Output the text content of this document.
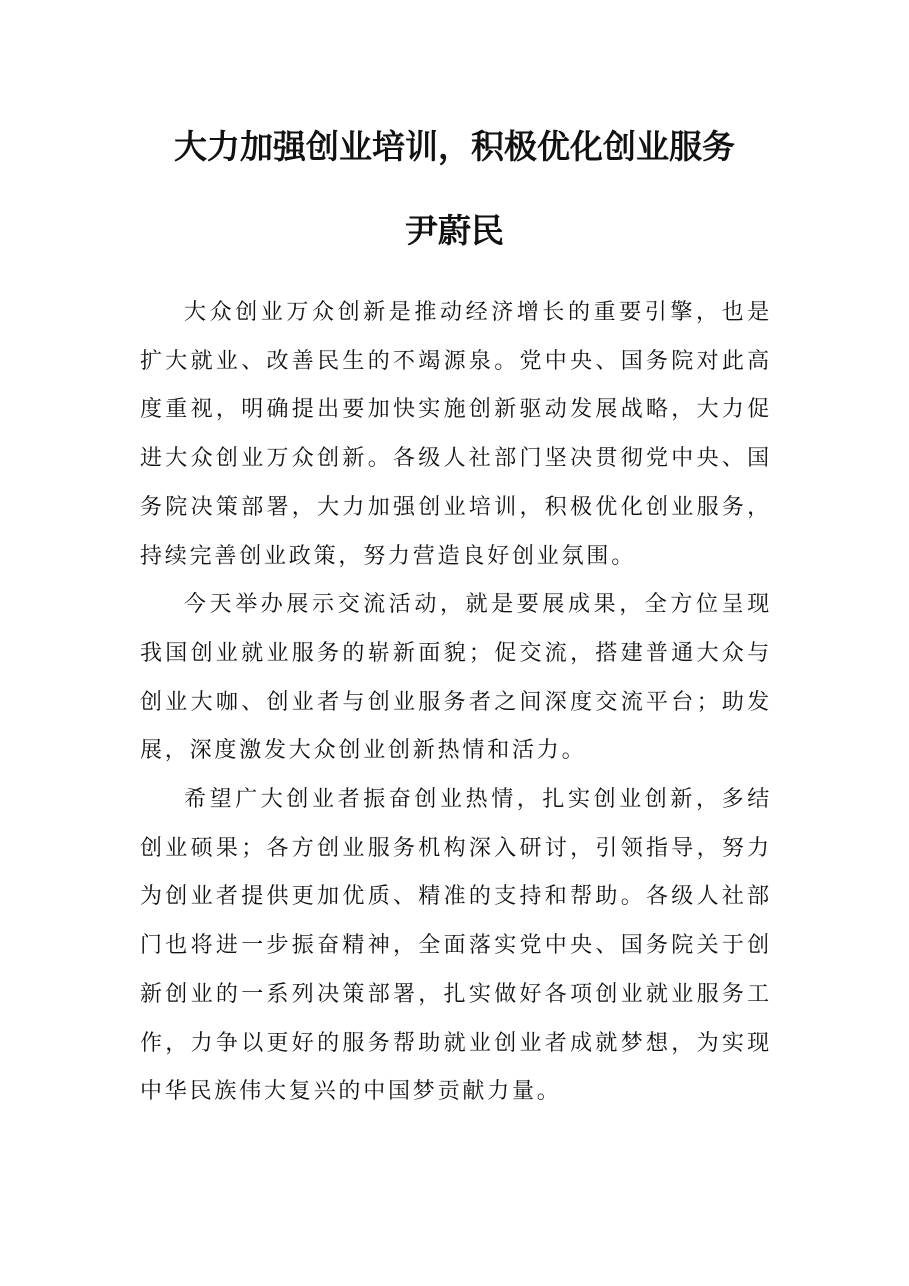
大力加强创业培训，积极优化创业服务
尹蔚民

大众创业万众创新是推动经济增长的重要引擎，也是扩大就业、改善民生的不竭源泉。党中央、国务院对此高度重视，明确提出要加快实施创新驱动发展战略，大力促进大众创业万众创新。各级人社部门坚决贯彻党中央、国务院决策部署，大力加强创业培训，积极优化创业服务，持续完善创业政策，努力营造良好创业氛围。

今天举办展示交流活动，就是要展成果，全方位呈现我国创业就业服务的崭新面貌；促交流，搭建普通大众与创业大咖、创业者与创业服务者之间深度交流平台；助发展，深度激发大众创业创新热情和活力。

希望广大创业者振奋创业热情，扎实创业创新，多结创业硕果；各方创业服务机构深入研讨，引领指导，努力为创业者提供更加优质、精准的支持和帮助。各级人社部门也将进一步振奋精神，全面落实党中央、国务院关于创新创业的一系列决策部署，扎实做好各项创业就业服务工作，力争以更好的服务帮助就业创业者成就梦想，为实现中华民族伟大复兴的中国梦贡献力量。
